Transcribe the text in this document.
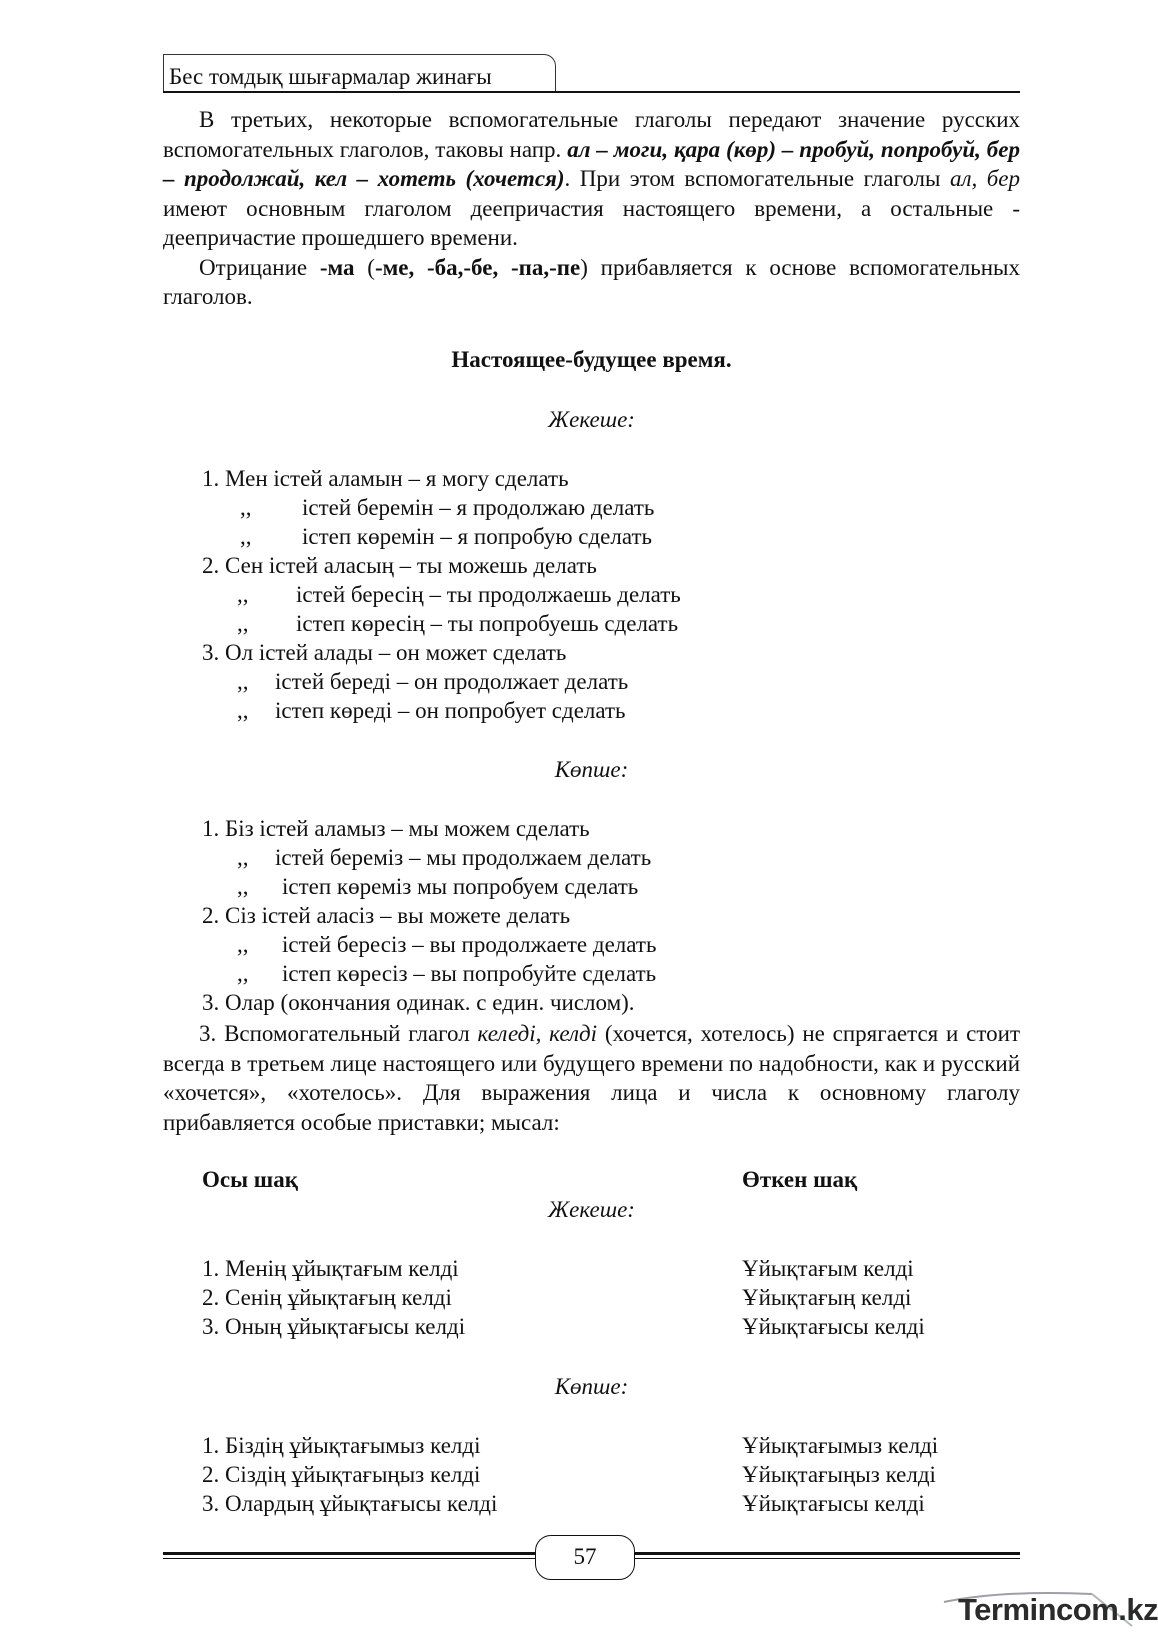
Бес томдық шығармалар жинағы

В третьих, некоторые вспомогательные глаголы передают значение русских вспомогательных глаголов, таковы напр. ал – моги, қара (көр) – пробуй, попробуй, бер – продолжай, кел – хотеть (хочется). При этом вспомогательные глаголы ал, бер имеют основным глаголом деепричастия настоящего времени, а остальные - деепричастие прошедшего времени.

Отрицание -ма (-ме, -ба,-бе, -па,-пе) прибавляется к основе вспомогательных глаголов.

Настоящее-будущее время.
Жекеше:
1. Мен істей аламын – я могу сделать
,, істей беремін – я продолжаю делать
,, істеп көремін – я попробую сделать
2. Сен істей аласың – ты можешь делать
,, істей бересің – ты продолжаешь делать
,, істеп көресің – ты попробуешь сделать
3. Ол істей алады – он может сделать
,, істей береді – он продолжает делать
,, істеп көреді – он попробует сделать
Көпше:
1. Біз істей аламыз – мы можем сделать
,, істей береміз – мы продолжаем делать
,, істеп көреміз мы попробуем сделать
2. Сіз істей аласіз – вы можете делать
,, істей бересіз – вы продолжаете делать
,, істеп көресіз – вы попробуйте сделать
3. Олар (окончания одинак. с един. числом).

3. Вспомогательный глагол келеді, келді (хочется, хотелось) не спрягается и стоит всегда в третьем лице настоящего или будущего времени по надобности, как и русский «хочется», «хотелось». Для выражения лица и числа к основному глаголу прибавляется особые приставки; мысал:

Осы шақ	Өткен шақ
Жекеше:
1. Менің ұйықтағым келді	Ұйықтағым келді
2. Сенің ұйықтағың келді	Ұйықтағың келді
3. Оның ұйықтағысы келді	Ұйықтағысы келді
Көпше:
1. Біздің ұйықтағымыз келді	Ұйықтағымыз келді
2. Сіздің ұйықтағыңыз келді	Ұйықтағыңыз келді
3. Олардың ұйықтағысы келді	Ұйықтағысы келді
57
Termincom.kz
